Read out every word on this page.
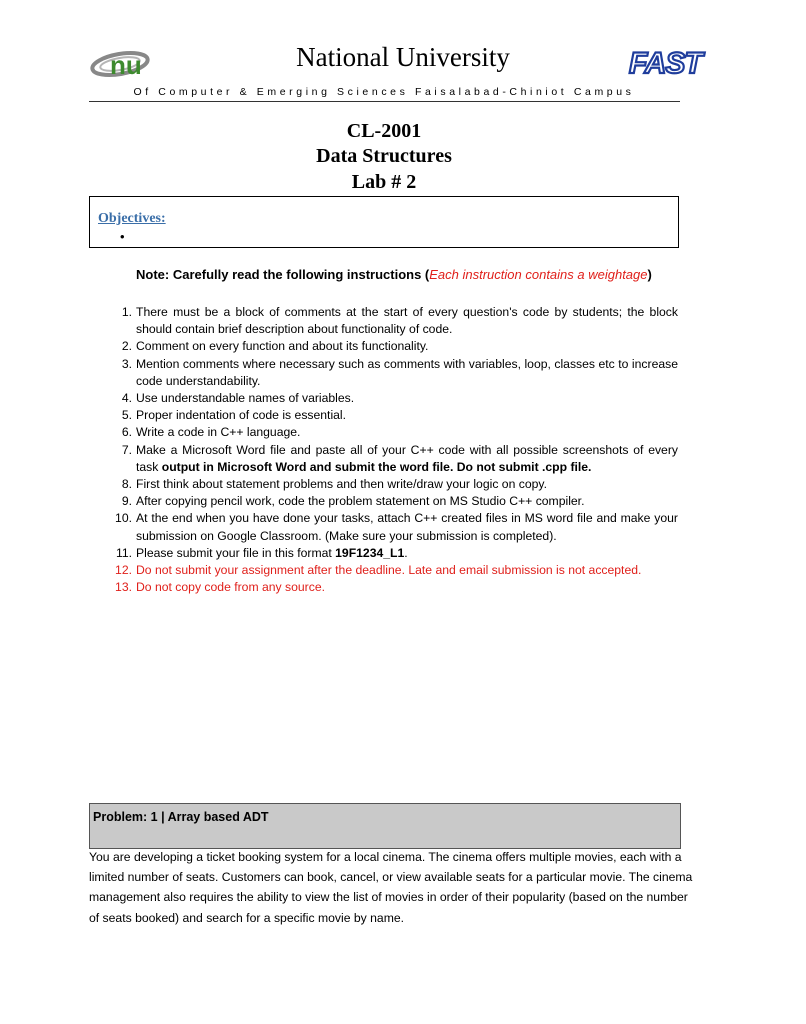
nu	National University	FAST
Of Computer & Emerging Sciences Faisalabad-Chiniot Campus
CL-2001
Data Structures
Lab # 2
Objectives:
•
Note: Carefully read the following instructions (Each instruction contains a weightage)
1. There must be a block of comments at the start of every question's code by students; the block should contain brief description about functionality of code.
2. Comment on every function and about its functionality.
3. Mention comments where necessary such as comments with variables, loop, classes etc to increase code understandability.
4. Use understandable names of variables.
5. Proper indentation of code is essential.
6. Write a code in C++ language.
7. Make a Microsoft Word file and paste all of your C++ code with all possible screenshots of every task output in Microsoft Word and submit the word file. Do not submit .cpp file.
8. First think about statement problems and then write/draw your logic on copy.
9. After copying pencil work, code the problem statement on MS Studio C++ compiler.
10. At the end when you have done your tasks, attach C++ created files in MS word file and make your submission on Google Classroom. (Make sure your submission is completed).
11. Please submit your file in this format 19F1234_L1.
12. Do not submit your assignment after the deadline. Late and email submission is not accepted.
13. Do not copy code from any source.
Problem: 1 | Array based ADT

You are developing a ticket booking system for a local cinema. The cinema offers multiple movies, each with a limited number of seats. Customers can book, cancel, or view available seats for a particular movie. The cinema management also requires the ability to view the list of movies in order of their popularity (based on the number of seats booked) and search for a specific movie by name.
